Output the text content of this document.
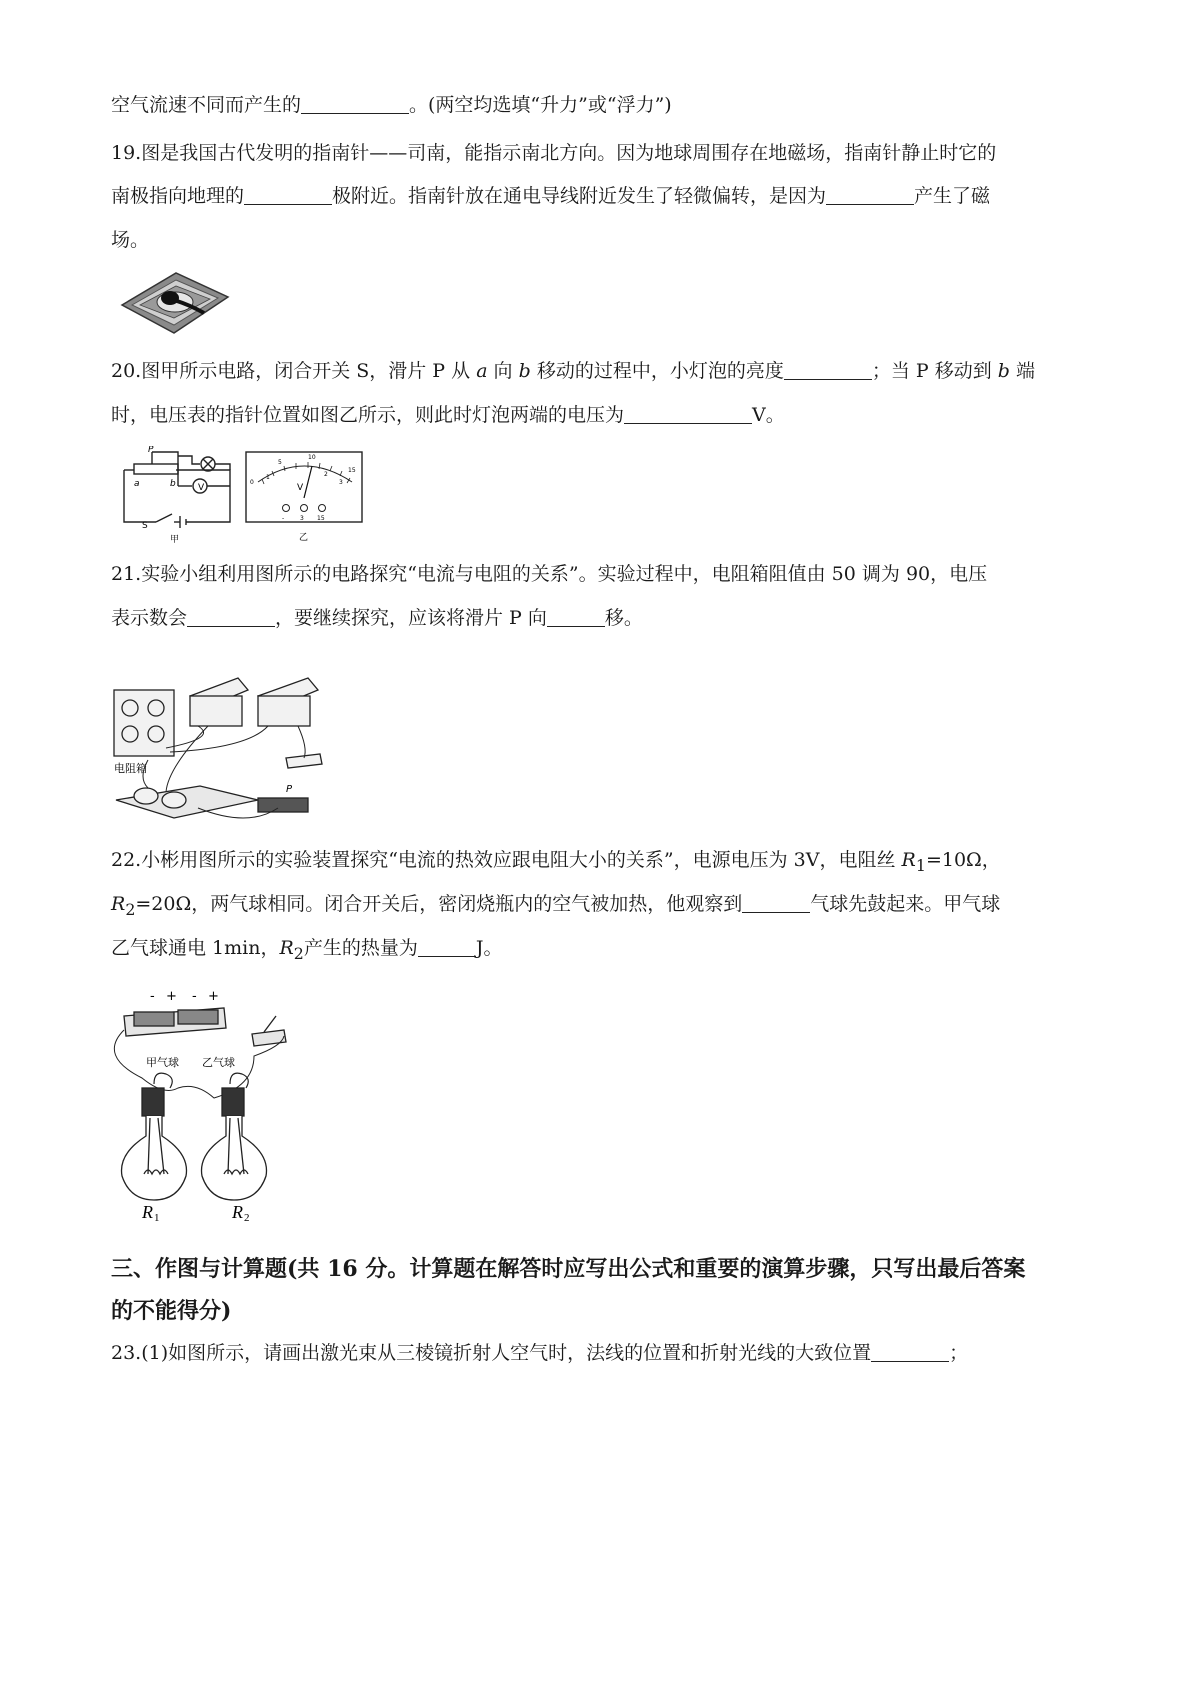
空气流速不同而产生的	。(两空均选填“升力”或“浮力”)
19.图是我国古代发明的指南针——司南，能指示南北方向。因为地球周围存在地磁场，指南针静止时它的
南极指向地理的	极附近。指南针放在通电导线附近发生了轻微偏转，是因为	产生了磁
场。
20.图甲所示电路，闭合开关 S，滑片 P 从 a 向 b 移动的过程中，小灯泡的亮度	；当 P 移动到 b 端
时，电压表的指针位置如图乙所示，则此时灯泡两端的电压为	V。
V
P
a	b
S
甲
0
5
10
15
1	2
3
V
-	3 15
乙
21.实验小组利用图所示的电路探究“电流与电阻的关系”。实验过程中，电阻箱阻值由 50 调为 90，电压
表示数会	，要继续探究，应该将滑片 P 向	移。
电阻箱
P
22.小彬用图所示的实验装置探究“电流的热效应跟电阻大小的关系”，电源电压为 3V，电阻丝 $R_1=10\Omega$，
$R_2=20\Omega$，两气球相同。闭合开关后，密闭烧瓶内的空气被加热，他观察到	气球先鼓起来。甲气球
乙气球通电 1min，$R_2$产生的热量为	J。
- + - +
甲气球 乙气球
R 1	R 2
三、作图与计算题(共 16 分。计算题在解答时应写出公式和重要的演算步骤，只写出最后答案
的不能得分)
23.(1)如图所示，请画出激光束从三棱镜折射人空气时，法线的位置和折射光线的大致位置	；
